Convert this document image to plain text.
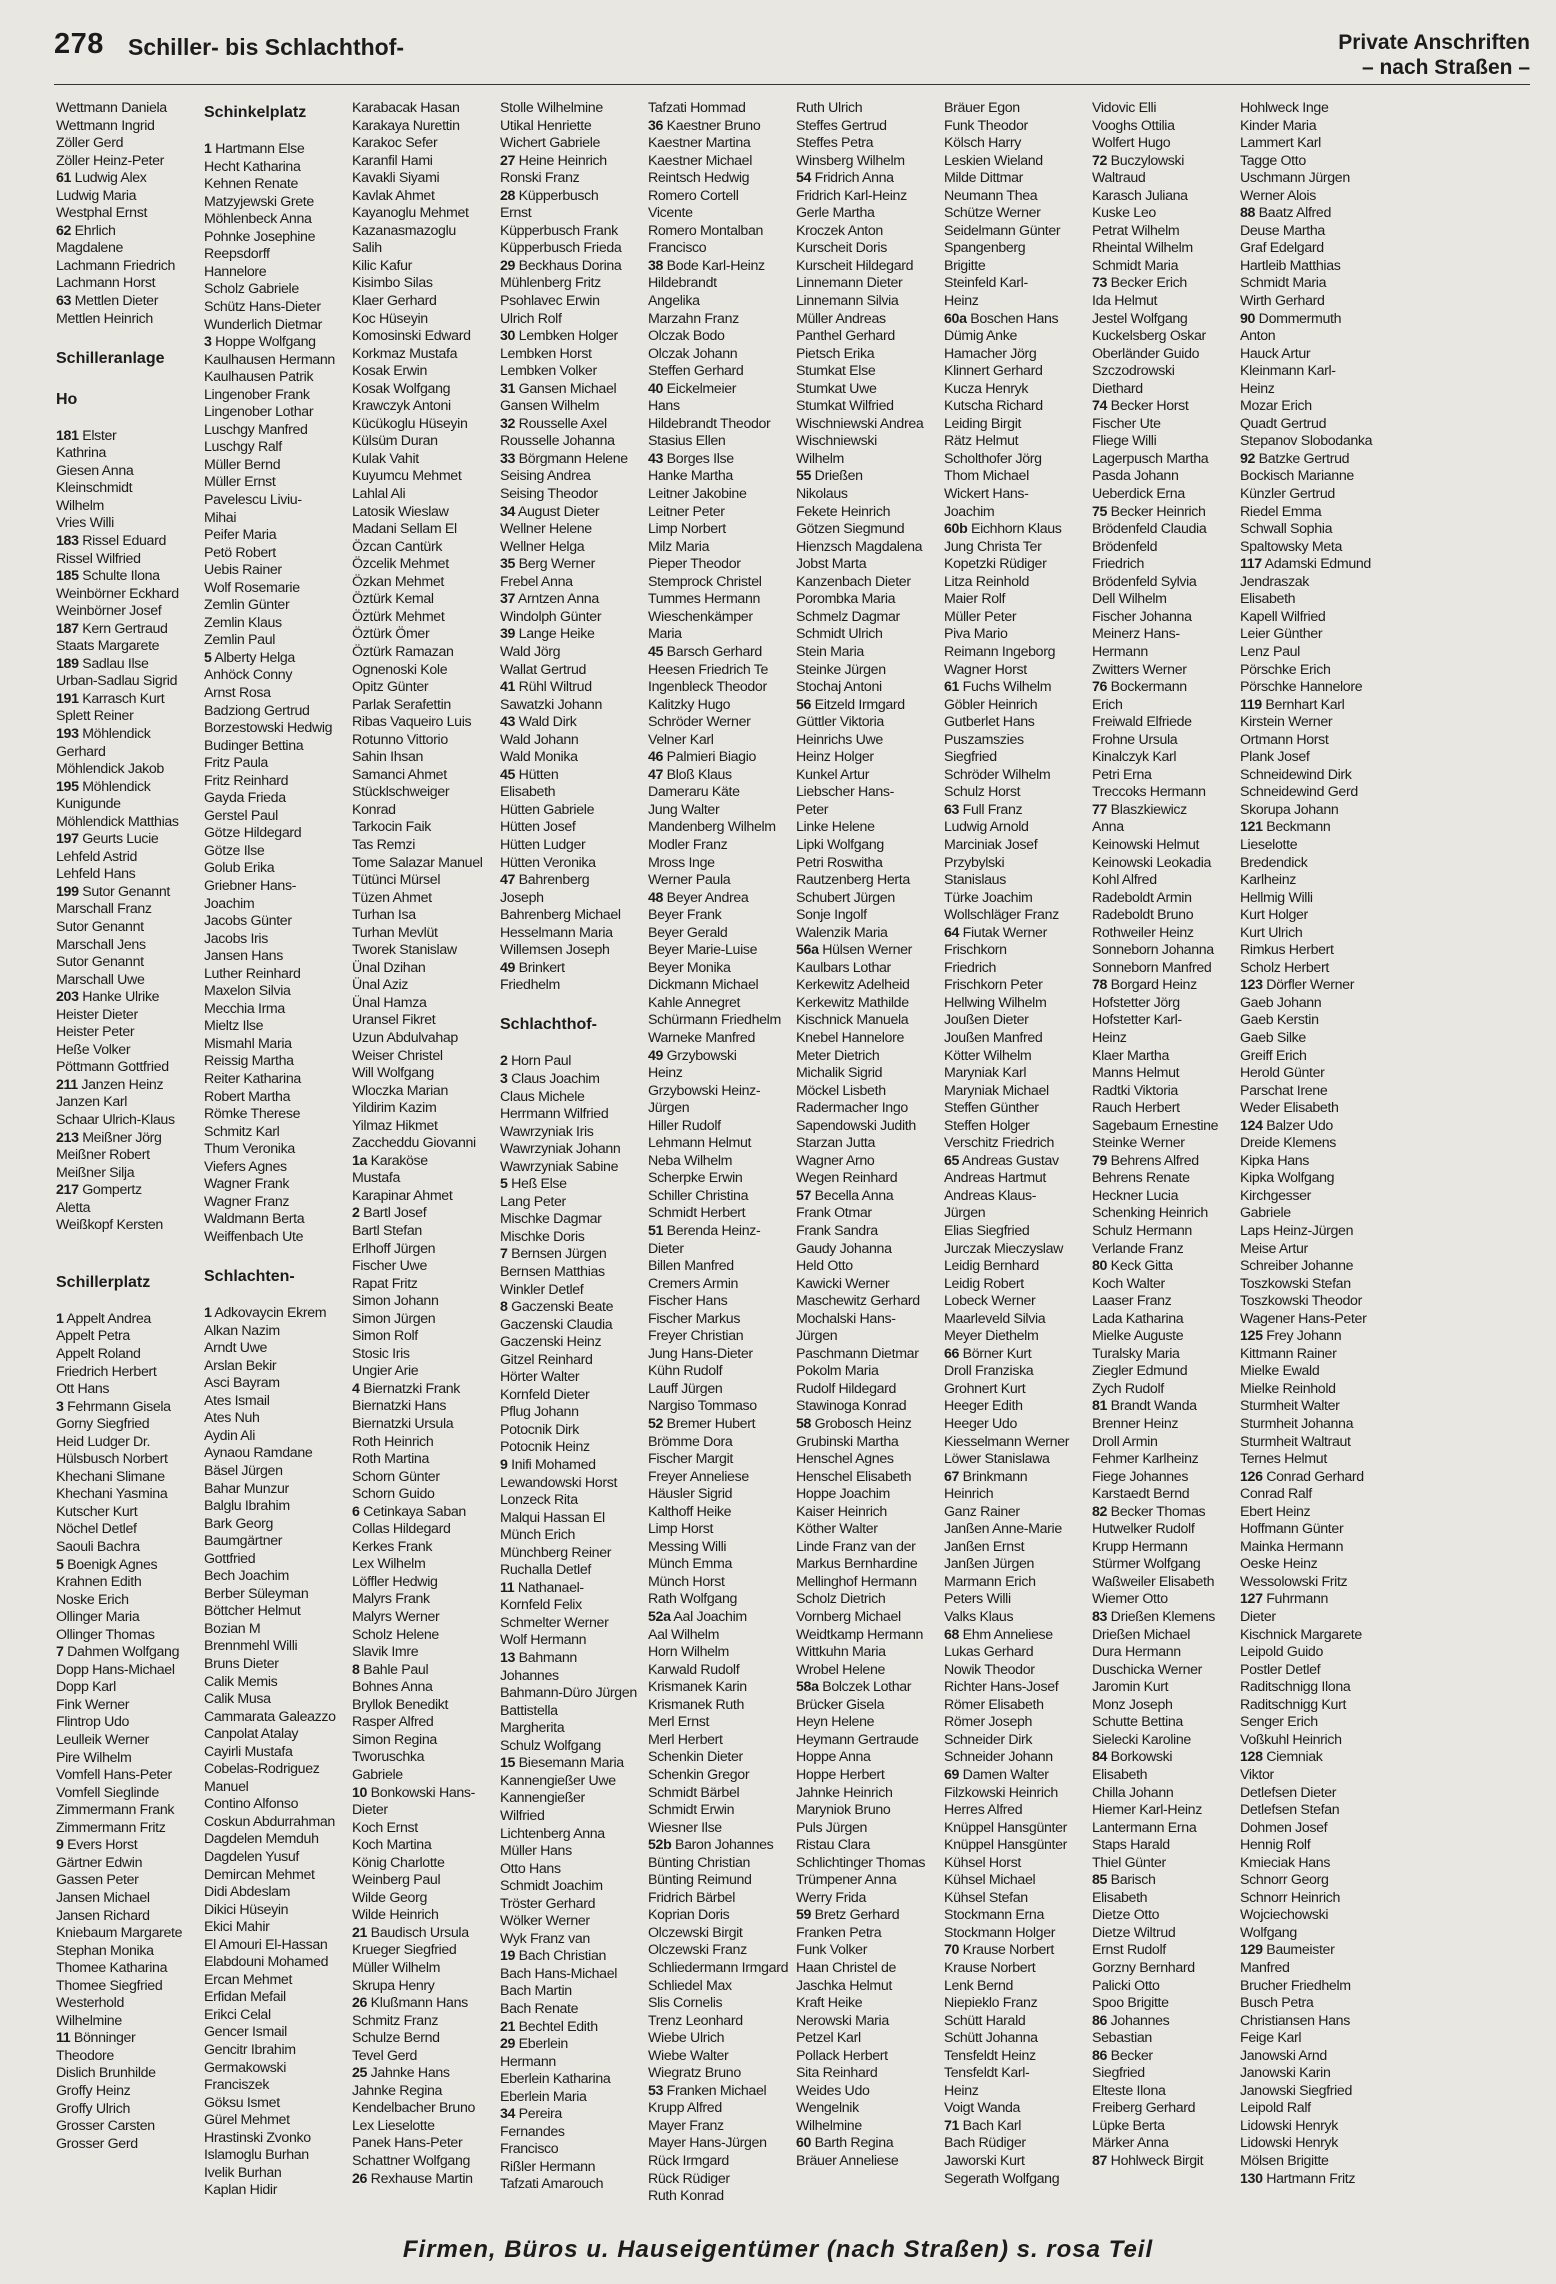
278 Schiller- bis Schlachthof-	Private Anschriften
– nach Straßen –
Wettmann Daniela
Wettmann Ingrid
Zöller Gerd
Zöller Heinz-Peter
61 Ludwig Alex
Ludwig Maria
Westphal Ernst
62 Ehrlich
Magdalene
Lachmann Friedrich
Lachmann Horst
63 Mettlen Dieter
Mettlen Heinrich
Schilleranlage
Ho
181 Elster
Kathrina
Giesen Anna
Kleinschmidt
Wilhelm
Vries Willi
183 Rissel Eduard
Rissel Wilfried
185 Schulte Ilona
Weinbörner Eckhard
Weinbörner Josef
187 Kern Gertraud
Staats Margarete
189 Sadlau Ilse
Urban-Sadlau Sigrid
191 Karrasch Kurt
Splett Reiner
193 Möhlendick
Gerhard
Möhlendick Jakob
195 Möhlendick
Kunigunde
Möhlendick Matthias
197 Geurts Lucie
Lehfeld Astrid
Lehfeld Hans
199 Sutor Genannt
Marschall Franz
Sutor Genannt
Marschall Jens
Sutor Genannt
Marschall Uwe
203 Hanke Ulrike
Heister Dieter
Heister Peter
Heße Volker
Pöttmann Gottfried
211 Janzen Heinz
Janzen Karl
Schaar Ulrich-Klaus
213 Meißner Jörg
Meißner Robert
Meißner Silja
217 Gompertz
Aletta
Weißkopf Kersten
Schillerplatz
1 Appelt Andrea
Appelt Petra
Appelt Roland
Friedrich Herbert
Ott Hans
3 Fehrmann Gisela
Gorny Siegfried
Heid Ludger Dr.
Hülsbusch Norbert
Khechani Slimane
Khechani Yasmina
Kutscher Kurt
Nöchel Detlef
Saouli Bachra
5 Boenigk Agnes
Krahnen Edith
Noske Erich
Ollinger Maria
Ollinger Thomas
7 Dahmen Wolfgang
Dopp Hans-Michael
Dopp Karl
Fink Werner
Flintrop Udo
Leulleik Werner
Pire Wilhelm
Vomfell Hans-Peter
Vomfell Sieglinde
Zimmermann Frank
Zimmermann Fritz
9 Evers Horst
Gärtner Edwin
Gassen Peter
Jansen Michael
Jansen Richard
Kniebaum Margarete
Stephan Monika
Thomee Katharina
Thomee Siegfried
Westerhold
Wilhelmine
11 Bönninger
Theodore
Dislich Brunhilde
Groffy Heinz
Groffy Ulrich
Grosser Carsten
Grosser Gerd
Schinkelplatz
1 Hartmann Else
Hecht Katharina
Kehnen Renate
Matzyjewski Grete
Möhlenbeck Anna
Pohnke Josephine
Reepsdorff
Hannelore
Scholz Gabriele
Schütz Hans-Dieter
Wunderlich Dietmar
3 Hoppe Wolfgang
Kaulhausen Hermann
Kaulhausen Patrik
Lingenober Frank
Lingenober Lothar
Luschgy Manfred
Luschgy Ralf
Müller Bernd
Müller Ernst
Pavelescu Liviu-
Mihai
Peifer Maria
Petö Robert
Uebis Rainer
Wolf Rosemarie
Zemlin Günter
Zemlin Klaus
Zemlin Paul
5 Alberty Helga
Anhöck Conny
Arnst Rosa
Badziong Gertrud
Borzestowski Hedwig
Budinger Bettina
Fritz Paula
Fritz Reinhard
Gayda Frieda
Gerstel Paul
Götze Hildegard
Götze Ilse
Golub Erika
Griebner Hans-
Joachim
Jacobs Günter
Jacobs Iris
Jansen Hans
Luther Reinhard
Maxelon Silvia
Mecchia Irma
Mieltz Ilse
Mismahl Maria
Reissig Martha
Reiter Katharina
Robert Martha
Römke Therese
Schmitz Karl
Thum Veronika
Viefers Agnes
Wagner Frank
Wagner Franz
Waldmann Berta
Weiffenbach Ute
Schlachten-
1 Adkovaycin Ekrem
Alkan Nazim
Arndt Uwe
Arslan Bekir
Asci Bayram
Ates Ismail
Ates Nuh
Aydin Ali
Aynaou Ramdane
Bäsel Jürgen
Bahar Munzur
Balglu Ibrahim
Bark Georg
Baumgärtner
Gottfried
Bech Joachim
Berber Süleyman
Böttcher Helmut
Bozian M
Brennmehl Willi
Bruns Dieter
Calik Memis
Calik Musa
Cammarata Galeazzo
Canpolat Atalay
Cayirli Mustafa
Cobelas-Rodriguez
Manuel
Contino Alfonso
Coskun Abdurrahman
Dagdelen Memduh
Dagdelen Yusuf
Demircan Mehmet
Didi Abdeslam
Dikici Hüseyin
Ekici Mahir
El Amouri El-Hassan
Elabdouni Mohamed
Ercan Mehmet
Erfidan Mefail
Erikci Celal
Gencer Ismail
Gencitr Ibrahim
Germakowski
Franciszek
Göksu Ismet
Gürel Mehmet
Hrastinski Zvonko
Islamoglu Burhan
Ivelik Burhan
Kaplan Hidir
Karabacak Hasan
Karakaya Nurettin
Karakoc Sefer
Karanfil Hami
Kavakli Siyami
Kavlak Ahmet
Kayanoglu Mehmet
Kazanasmazoglu
Salih
Kilic Kafur
Kisimbo Silas
Klaer Gerhard
Koc Hüseyin
Komosinski Edward
Korkmaz Mustafa
Kosak Erwin
Kosak Wolfgang
Krawczyk Antoni
Kücükoglu Hüseyin
Külsüm Duran
Kulak Vahit
Kuyumcu Mehmet
Lahlal Ali
Latosik Wieslaw
Madani Sellam El
Özcan Cantürk
Özcelik Mehmet
Özkan Mehmet
Öztürk Kemal
Öztürk Mehmet
Öztürk Ömer
Öztürk Ramazan
Ognenoski Kole
Opitz Günter
Parlak Serafettin
Ribas Vaqueiro Luis
Rotunno Vittorio
Sahin Ihsan
Samanci Ahmet
Stücklschweiger
Konrad
Tarkocin Faik
Tas Remzi
Tome Salazar Manuel
Tütünci Mürsel
Tüzen Ahmet
Turhan Isa
Turhan Mevlüt
Tworek Stanislaw
Ünal Dzihan
Ünal Aziz
Ünal Hamza
Uransel Fikret
Uzun Abdulvahap
Weiser Christel
Will Wolfgang
Wloczka Marian
Yildirim Kazim
Yilmaz Hikmet
Zaccheddu Giovanni
1a Karaköse
Mustafa
Karapinar Ahmet
2 Bartl Josef
Bartl Stefan
Erlhoff Jürgen
Fischer Uwe
Rapat Fritz
Simon Johann
Simon Jürgen
Simon Rolf
Stosic Iris
Ungier Arie
4 Biernatzki Frank
Biernatzki Hans
Biernatzki Ursula
Roth Heinrich
Roth Martina
Schorn Günter
Schorn Guido
6 Cetinkaya Saban
Collas Hildegard
Kerkes Frank
Lex Wilhelm
Löffler Hedwig
Malyrs Frank
Malyrs Werner
Scholz Helene
Slavik Imre
8 Bahle Paul
Bohnes Anna
Bryllok Benedikt
Rasper Alfred
Simon Regina
Tworuschka
Gabriele
10 Bonkowski Hans-
Dieter
Koch Ernst
Koch Martina
König Charlotte
Weinberg Paul
Wilde Georg
Wilde Heinrich
21 Baudisch Ursula
Krueger Siegfried
Müller Wilhelm
Skrupa Henry
26 Klußmann Hans
Schmitz Franz
Schulze Bernd
Tevel Gerd
25 Jahnke Hans
Jahnke Regina
Kendelbacher Bruno
Lex Lieselotte
Panek Hans-Peter
Schattner Wolfgang
26 Rexhause Martin
Stolle Wilhelmine
Utikal Henriette
Wichert Gabriele
27 Heine Heinrich
Ronski Franz
28 Küpperbusch
Ernst
Küpperbusch Frank
Küpperbusch Frieda
29 Beckhaus Dorina
Mühlenberg Fritz
Psohlavec Erwin
Ulrich Rolf
30 Lembken Holger
Lembken Horst
Lembken Volker
31 Gansen Michael
Gansen Wilhelm
32 Rousselle Axel
Rousselle Johanna
33 Börgmann Helene
Seising Andrea
Seising Theodor
34 August Dieter
Wellner Helene
Wellner Helga
35 Berg Werner
Frebel Anna
37 Arntzen Anna
Windolph Günter
39 Lange Heike
Wald Jörg
Wallat Gertrud
41 Rühl Wiltrud
Sawatzki Johann
43 Wald Dirk
Wald Johann
Wald Monika
45 Hütten
Elisabeth
Hütten Gabriele
Hütten Josef
Hütten Ludger
Hütten Veronika
47 Bahrenberg
Joseph
Bahrenberg Michael
Hesselmann Maria
Willemsen Joseph
49 Brinkert
Friedhelm
Schlachthof-
2 Horn Paul
3 Claus Joachim
Claus Michele
Herrmann Wilfried
Wawrzyniak Iris
Wawrzyniak Johann
Wawrzyniak Sabine
5 Heß Else
Lang Peter
Mischke Dagmar
Mischke Doris
7 Bernsen Jürgen
Bernsen Matthias
Winkler Detlef
8 Gaczenski Beate
Gaczenski Claudia
Gaczenski Heinz
Gitzel Reinhard
Hörter Walter
Kornfeld Dieter
Pflug Johann
Potocnik Dirk
Potocnik Heinz
9 Inifi Mohamed
Lewandowski Horst
Lonzeck Rita
Malqui Hassan El
Münch Erich
Münchberg Reiner
Ruchalla Detlef
11 Nathanael-
Kornfeld Felix
Schmelter Werner
Wolf Hermann
13 Bahmann
Johannes
Bahmann-Düro Jürgen
Battistella
Margherita
Schulz Wolfgang
15 Biesemann Maria
Kannengießer Uwe
Kannengießer
Wilfried
Lichtenberg Anna
Müller Hans
Otto Hans
Schmidt Joachim
Tröster Gerhard
Wölker Werner
Wyk Franz van
19 Bach Christian
Bach Hans-Michael
Bach Martin
Bach Renate
21 Bechtel Edith
29 Eberlein
Hermann
Eberlein Katharina
Eberlein Maria
34 Pereira
Fernandes
Francisco
Rißler Hermann
Tafzati Amarouch
Tafzati Hommad
36 Kaestner Bruno
Kaestner Martina
Kaestner Michael
Reintsch Hedwig
Romero Cortell
Vicente
Romero Montalban
Francisco
38 Bode Karl-Heinz
Hildebrandt
Angelika
Marzahn Franz
Olczak Bodo
Olczak Johann
Steffen Gerhard
40 Eickelmeier
Hans
Hildebrandt Theodor
Stasius Ellen
43 Borges Ilse
Hanke Martha
Leitner Jakobine
Leitner Peter
Limp Norbert
Milz Maria
Pieper Theodor
Stemprock Christel
Tummes Hermann
Wieschenkämper
Maria
45 Barsch Gerhard
Heesen Friedrich Te
Ingenbleck Theodor
Kalitzky Hugo
Schröder Werner
Velner Karl
46 Palmieri Biagio
47 Bloß Klaus
Dameraru Käte
Jung Walter
Mandenberg Wilhelm
Modler Franz
Mross Inge
Werner Paula
48 Beyer Andrea
Beyer Frank
Beyer Gerald
Beyer Marie-Luise
Beyer Monika
Dickmann Michael
Kahle Annegret
Schürmann Friedhelm
Warneke Manfred
49 Grzybowski
Heinz
Grzybowski Heinz-
Jürgen
Hiller Rudolf
Lehmann Helmut
Neba Wilhelm
Scherpke Erwin
Schiller Christina
Schmidt Herbert
51 Berenda Heinz-
Dieter
Billen Manfred
Cremers Armin
Fischer Hans
Fischer Markus
Freyer Christian
Jung Hans-Dieter
Kühn Rudolf
Lauff Jürgen
Nargiso Tommaso
52 Bremer Hubert
Brömme Dora
Fischer Margit
Freyer Anneliese
Häusler Sigrid
Kalthoff Heike
Limp Horst
Messing Willi
Münch Emma
Münch Horst
Rath Wolfgang
52a Aal Joachim
Aal Wilhelm
Horn Wilhelm
Karwald Rudolf
Krismanek Karin
Krismanek Ruth
Merl Ernst
Merl Herbert
Schenkin Dieter
Schenkin Gregor
Schmidt Bärbel
Schmidt Erwin
Wiesner Ilse
52b Baron Johannes
Bünting Christian
Bünting Reimund
Fridrich Bärbel
Koprian Doris
Olczewski Birgit
Olczewski Franz
Schliedermann Irmgard
Schliedel Max
Slis Cornelis
Trenz Leonhard
Wiebe Ulrich
Wiebe Walter
Wiegratz Bruno
53 Franken Michael
Krupp Alfred
Mayer Franz
Mayer Hans-Jürgen
Rück Irmgard
Rück Rüdiger
Ruth Konrad
Ruth Ulrich
Steffes Gertrud
Steffes Petra
Winsberg Wilhelm
54 Fridrich Anna
Fridrich Karl-Heinz
Gerle Martha
Kroczek Anton
Kurscheit Doris
Kurscheit Hildegard
Linnemann Dieter
Linnemann Silvia
Müller Andreas
Panthel Gerhard
Pietsch Erika
Stumkat Else
Stumkat Uwe
Stumkat Wilfried
Wischniewski Andrea
Wischniewski
Wilhelm
55 Drießen
Nikolaus
Fekete Heinrich
Götzen Siegmund
Hienzsch Magdalena
Jobst Marta
Kanzenbach Dieter
Porombka Maria
Schmelz Dagmar
Schmidt Ulrich
Stein Maria
Steinke Jürgen
Stochaj Antoni
56 Eitzeld Irmgard
Güttler Viktoria
Heinrichs Uwe
Heinz Holger
Kunkel Artur
Liebscher Hans-
Peter
Linke Helene
Lipki Wolfgang
Petri Roswitha
Rautzenberg Herta
Schubert Jürgen
Sonje Ingolf
Walenzik Maria
56a Hülsen Werner
Kaulbars Lothar
Kerkewitz Adelheid
Kerkewitz Mathilde
Kischnick Manuela
Knebel Hannelore
Meter Dietrich
Michalik Sigrid
Möckel Lisbeth
Radermacher Ingo
Sapendowski Judith
Starzan Jutta
Wagner Arno
Wegen Reinhard
57 Becella Anna
Frank Otmar
Frank Sandra
Gaudy Johanna
Held Otto
Kawicki Werner
Maschewitz Gerhard
Mochalski Hans-
Jürgen
Paschmann Dietmar
Pokolm Maria
Rudolf Hildegard
Stawinoga Konrad
58 Grobosch Heinz
Grubinski Martha
Henschel Agnes
Henschel Elisabeth
Hoppe Joachim
Kaiser Heinrich
Köther Walter
Linde Franz van der
Markus Bernhardine
Mellinghof Hermann
Scholz Dietrich
Vornberg Michael
Weidtkamp Hermann
Wittkuhn Maria
Wrobel Helene
58a Bolczek Lothar
Brücker Gisela
Heyn Helene
Heymann Gertraude
Hoppe Anna
Hoppe Herbert
Jahnke Heinrich
Maryniok Bruno
Puls Jürgen
Ristau Clara
Schlichtinger Thomas
Trümpener Anna
Werry Frida
59 Bretz Gerhard
Franken Petra
Funk Volker
Haan Christel de
Jaschka Helmut
Kraft Heike
Nerowski Maria
Petzel Karl
Pollack Herbert
Sita Reinhard
Weides Udo
Wengelnik
Wilhelmine
60 Barth Regina
Bräuer Anneliese
Bräuer Egon
Funk Theodor
Kölsch Harry
Leskien Wieland
Milde Dittmar
Neumann Thea
Schütze Werner
Seidelmann Günter
Spangenberg
Brigitte
Steinfeld Karl-
Heinz
60a Boschen Hans
Dümig Anke
Hamacher Jörg
Klinnert Gerhard
Kucza Henryk
Kutscha Richard
Leiding Birgit
Rätz Helmut
Scholthofer Jörg
Thom Michael
Wickert Hans-
Joachim
60b Eichhorn Klaus
Jung Christa Ter
Kopetzki Rüdiger
Litza Reinhold
Maier Rolf
Müller Peter
Piva Mario
Reimann Ingeborg
Wagner Horst
61 Fuchs Wilhelm
Göbler Heinrich
Gutberlet Hans
Puszamszies
Siegfried
Schröder Wilhelm
Schulz Horst
63 Full Franz
Ludwig Arnold
Marciniak Josef
Przybylski
Stanislaus
Türke Joachim
Wollschläger Franz
64 Fiutak Werner
Frischkorn
Friedrich
Frischkorn Peter
Hellwing Wilhelm
Joußen Dieter
Joußen Manfred
Kötter Wilhelm
Maryniak Karl
Maryniak Michael
Steffen Günther
Steffen Holger
Verschitz Friedrich
65 Andreas Gustav
Andreas Hartmut
Andreas Klaus-
Jürgen
Elias Siegfried
Jurczak Mieczyslaw
Leidig Bernhard
Leidig Robert
Lobeck Werner
Maarleveld Silvia
Meyer Diethelm
66 Börner Kurt
Droll Franziska
Grohnert Kurt
Heeger Edith
Heeger Udo
Kiesselmann Werner
Löwer Stanislawa
67 Brinkmann
Heinrich
Ganz Rainer
Janßen Anne-Marie
Janßen Ernst
Janßen Jürgen
Marmann Erich
Peters Willi
Valks Klaus
68 Ehm Anneliese
Lukas Gerhard
Nowik Theodor
Richter Hans-Josef
Römer Elisabeth
Römer Joseph
Schneider Dirk
Schneider Johann
69 Damen Walter
Filzkowski Heinrich
Herres Alfred
Knüppel Hansgünter
Knüppel Hansgünter
Kühsel Horst
Kühsel Michael
Kühsel Stefan
Stockmann Erna
Stockmann Holger
70 Krause Norbert
Krause Norbert
Lenk Bernd
Niepieklo Franz
Schütt Harald
Schütt Johanna
Tensfeldt Heinz
Tensfeldt Karl-
Heinz
Voigt Wanda
71 Bach Karl
Bach Rüdiger
Jaworski Kurt
Segerath Wolfgang
Vidovic Elli
Vooghs Ottilia
Wolfert Hugo
72 Buczylowski
Waltraud
Karasch Juliana
Kuske Leo
Petrat Wilhelm
Rheintal Wilhelm
Schmidt Maria
73 Becker Erich
Ida Helmut
Jestel Wolfgang
Kuckelsberg Oskar
Oberländer Guido
Szczodrowski
Diethard
74 Becker Horst
Fischer Ute
Fliege Willi
Lagerpusch Martha
Pasda Johann
Ueberdick Erna
75 Becker Heinrich
Brödenfeld Claudia
Brödenfeld
Friedrich
Brödenfeld Sylvia
Dell Wilhelm
Fischer Johanna
Meinerz Hans-
Hermann
Zwitters Werner
76 Bockermann
Erich
Freiwald Elfriede
Frohne Ursula
Kinalczyk Karl
Petri Erna
Treccoks Hermann
77 Blaszkiewicz
Anna
Keinowski Helmut
Keinowski Leokadia
Kohl Alfred
Radeboldt Armin
Radeboldt Bruno
Rothweiler Heinz
Sonneborn Johanna
Sonneborn Manfred
78 Borgard Heinz
Hofstetter Jörg
Hofstetter Karl-
Heinz
Klaer Martha
Manns Helmut
Radtki Viktoria
Rauch Herbert
Sagebaum Ernestine
Steinke Werner
79 Behrens Alfred
Behrens Renate
Heckner Lucia
Schenking Heinrich
Schulz Hermann
Verlande Franz
80 Keck Gitta
Koch Walter
Laaser Franz
Lada Katharina
Mielke Auguste
Turalsky Maria
Ziegler Edmund
Zych Rudolf
81 Brandt Wanda
Brenner Heinz
Droll Armin
Fehmer Karlheinz
Fiege Johannes
Karstaedt Bernd
82 Becker Thomas
Hutwelker Rudolf
Krupp Hermann
Stürmer Wolfgang
Waßweiler Elisabeth
Wiemer Otto
83 Drießen Klemens
Drießen Michael
Dura Hermann
Duschicka Werner
Jaromin Kurt
Monz Joseph
Schutte Bettina
Sielecki Karoline
84 Borkowski
Elisabeth
Chilla Johann
Hiemer Karl-Heinz
Lantermann Erna
Staps Harald
Thiel Günter
85 Barisch
Elisabeth
Dietze Otto
Dietze Wiltrud
Ernst Rudolf
Gorzny Bernhard
Palicki Otto
Spoo Brigitte
86 Johannes
Sebastian
86 Becker
Siegfried
Elteste Ilona
Freiberg Gerhard
Lüpke Berta
Märker Anna
87 Hohlweck Birgit
Hohlweck Inge
Kinder Maria
Lammert Karl
Tagge Otto
Uschmann Jürgen
Werner Alois
88 Baatz Alfred
Deuse Martha
Graf Edelgard
Hartleib Matthias
Schmidt Maria
Wirth Gerhard
90 Dommermuth
Anton
Hauck Artur
Kleinmann Karl-
Heinz
Mozar Erich
Quadt Gertrud
Stepanov Slobodanka
92 Batzke Gertrud
Bockisch Marianne
Künzler Gertrud
Riedel Emma
Schwall Sophia
Spaltowsky Meta
117 Adamski Edmund
Jendraszak
Elisabeth
Kapell Wilfried
Leier Günther
Lenz Paul
Pörschke Erich
Pörschke Hannelore
119 Bernhart Karl
Kirstein Werner
Ortmann Horst
Plank Josef
Schneidewind Dirk
Schneidewind Gerd
Skorupa Johann
121 Beckmann
Lieselotte
Bredendick
Karlheinz
Hellmig Willi
Kurt Holger
Kurt Ulrich
Rimkus Herbert
Scholz Herbert
123 Dörfler Werner
Gaeb Johann
Gaeb Kerstin
Gaeb Silke
Greiff Erich
Herold Günter
Parschat Irene
Weder Elisabeth
124 Balzer Udo
Dreide Klemens
Kipka Hans
Kipka Wolfgang
Kirchgesser
Gabriele
Laps Heinz-Jürgen
Meise Artur
Schreiber Johanne
Toszkowski Stefan
Toszkowski Theodor
Wagener Hans-Peter
125 Frey Johann
Kittmann Rainer
Mielke Ewald
Mielke Reinhold
Sturmheit Walter
Sturmheit Johanna
Sturmheit Waltraut
Ternes Helmut
126 Conrad Gerhard
Conrad Ralf
Ebert Heinz
Hoffmann Günter
Mainka Hermann
Oeske Heinz
Wessolowski Fritz
127 Fuhrmann
Dieter
Kischnick Margarete
Leipold Guido
Postler Detlef
Raditschnigg Ilona
Raditschnigg Kurt
Senger Erich
Voßkuhl Heinrich
128 Ciemniak
Viktor
Detlefsen Dieter
Detlefsen Stefan
Dohmen Josef
Hennig Rolf
Kmieciak Hans
Schnorr Georg
Schnorr Heinrich
Wojciechowski
Wolfgang
129 Baumeister
Manfred
Brucher Friedhelm
Busch Petra
Christiansen Hans
Feige Karl
Janowski Arnd
Janowski Karin
Janowski Siegfried
Leipold Ralf
Lidowski Henryk
Lidowski Henryk
Mölsen Brigitte
130 Hartmann Fritz
Firmen, Büros u. Hauseigentümer (nach Straßen) s. rosa Teil
